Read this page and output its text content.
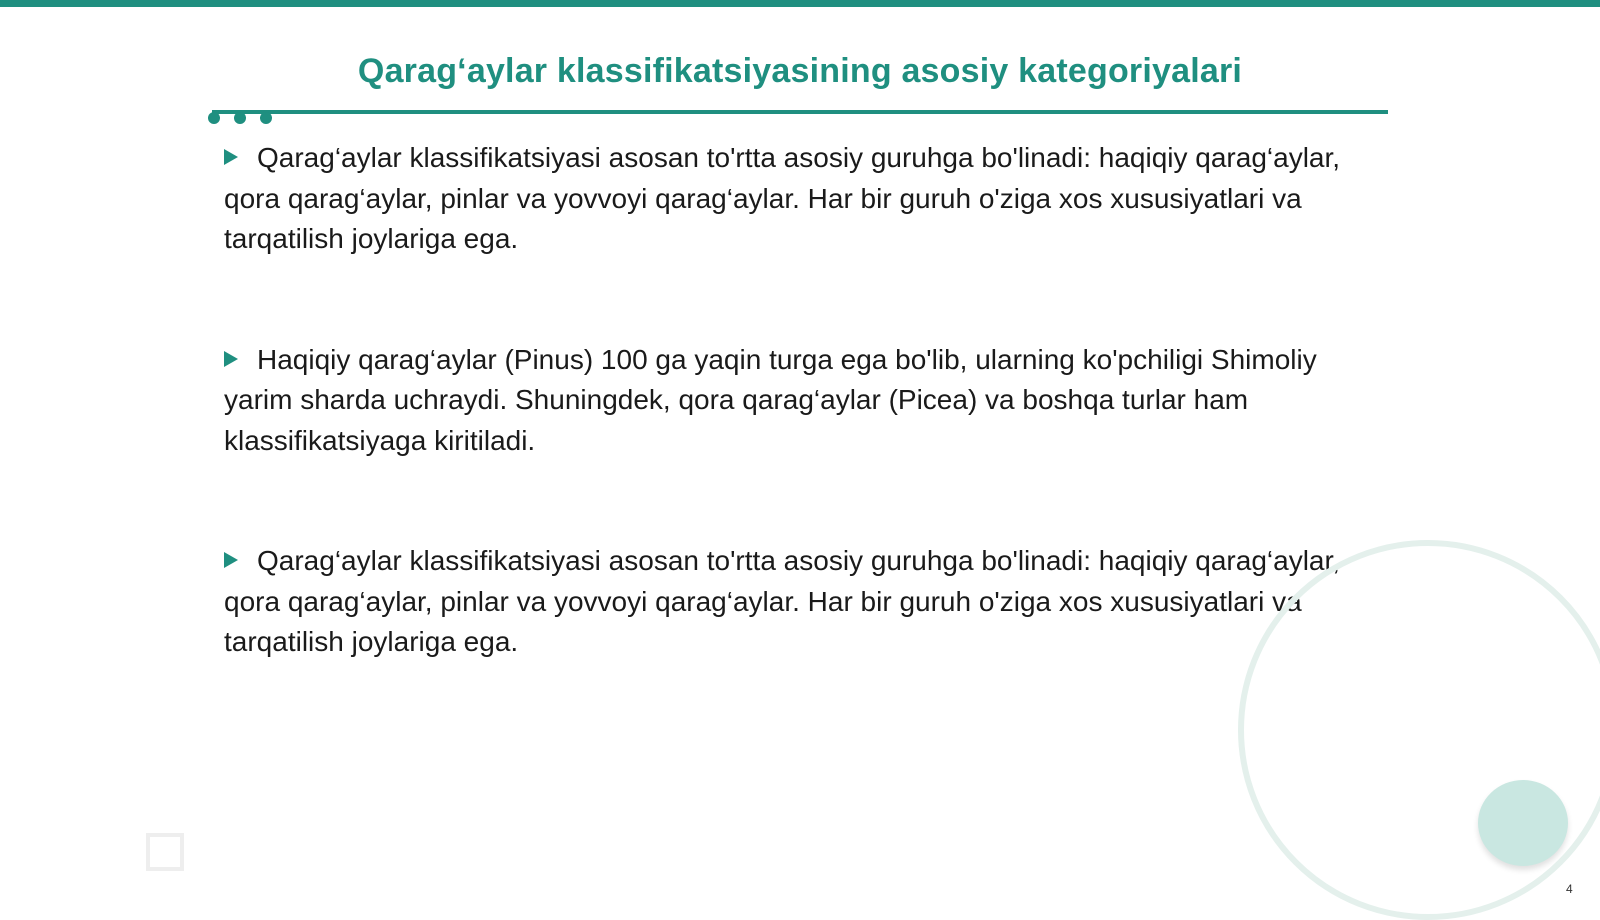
Qarag‘aylar klassifikatsiyasining asosiy kategoriyalari

Qarag‘aylar klassifikatsiyasi asosan to'rtta asosiy guruhga bo'linadi: haqiqiy qarag‘aylar, qora qarag‘aylar, pinlar va yovvoyi qarag‘aylar. Har bir guruh o'ziga xos xususiyatlari va tarqatilish joylariga ega.

Haqiqiy qarag‘aylar (Pinus) 100 ga yaqin turga ega bo'lib, ularning ko'pchiligi Shimoliy yarim sharda uchraydi. Shuningdek, qora qarag‘aylar (Picea) va boshqa turlar ham klassifikatsiyaga kiritiladi.

Qarag‘aylar klassifikatsiyasi asosan to'rtta asosiy guruhga bo'linadi: haqiqiy qarag‘aylar, qora qarag‘aylar, pinlar va yovvoyi qarag‘aylar. Har bir guruh o'ziga xos xususiyatlari va tarqatilish joylariga ega.

4
